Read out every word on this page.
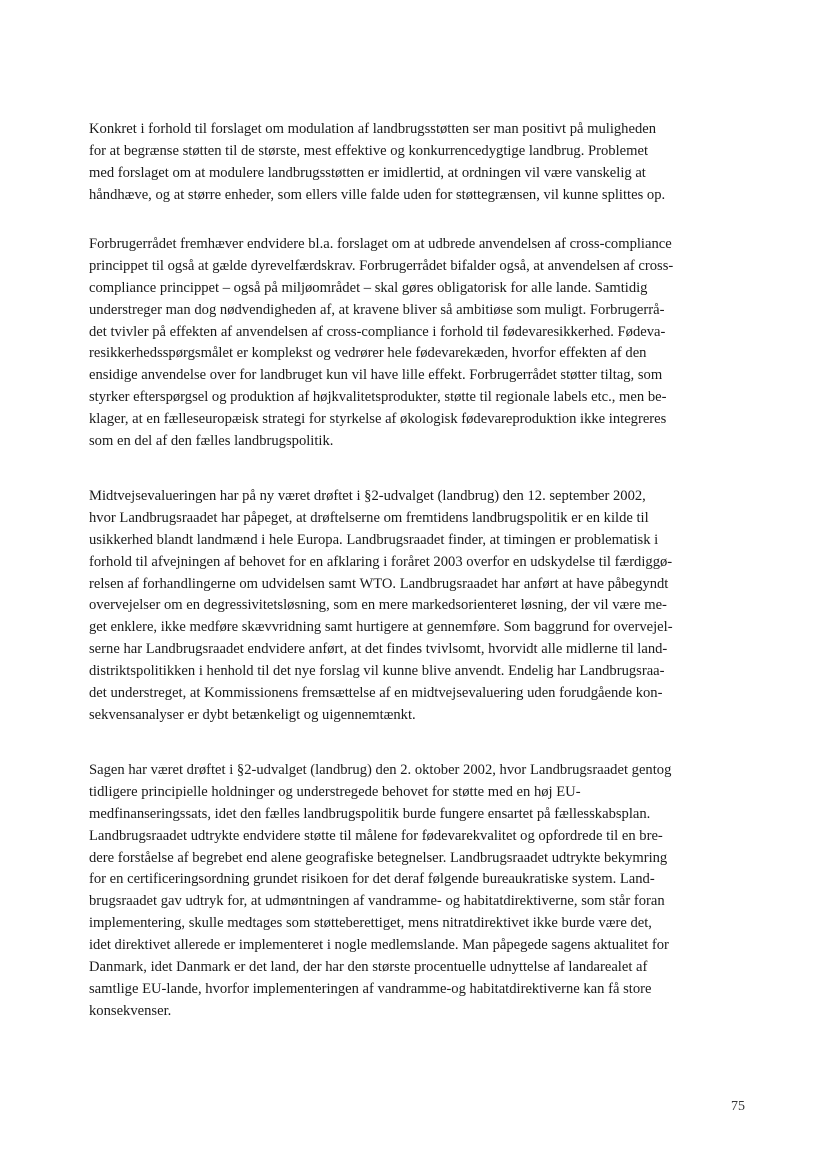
Konkret i forhold til forslaget om modulation af landbrugsstøtten ser man positivt på muligheden
for at begrænse støtten til de største, mest effektive og konkurrencedygtige landbrug. Problemet
med forslaget om at modulere landbrugsstøtten er imidlertid, at ordningen vil være vanskelig at
håndhæve, og at større enheder, som ellers ville falde uden for støttegrænsen, vil kunne splittes op.
Forbrugerrådet fremhæver endvidere bl.a. forslaget om at udbrede anvendelsen af cross-compliance
princippet til også at gælde dyrevelfærdskrav. Forbrugerrådet bifalder også, at anvendelsen af cross-
compliance princippet – også på miljøområdet – skal gøres obligatorisk for alle lande. Samtidig
understreger man dog nødvendigheden af, at kravene bliver så ambitiøse som muligt. Forbrugerrå-
det tvivler på effekten af anvendelsen af cross-compliance i forhold til fødevaresikkerhed. Fødeva-
resikkerhedsspørgsmålet er komplekst og vedrører hele fødevarekæden, hvorfor effekten af den
ensidige anvendelse over for landbruget kun vil have lille effekt. Forbrugerrådet støtter tiltag, som
styrker efterspørgsel og produktion af højkvalitetsprodukter, støtte til regionale labels etc., men be-
klager, at en fælleseuropæisk strategi for styrkelse af økologisk fødevareproduktion ikke integreres
som en del af den fælles landbrugspolitik.
Midtvejsevalueringen har på ny været drøftet i §2-udvalget (landbrug) den 12. september 2002,
hvor Landbrugsraadet har påpeget, at drøftelserne om fremtidens landbrugspolitik er en kilde til
usikkerhed blandt landmænd i hele Europa. Landbrugsraadet finder, at timingen er problematisk i
forhold til afvejningen af behovet for en afklaring i foråret 2003 overfor en udskydelse til færdiggø-
relsen af forhandlingerne om udvidelsen samt WTO. Landbrugsraadet har anført at have påbegyndt
overvejelser om en degressivitetsløsning, som en mere markedsorienteret løsning, der vil være me-
get enklere, ikke medføre skævvridning samt hurtigere at gennemføre. Som baggrund for overvejel-
serne har Landbrugsraadet endvidere anført, at det findes tvivlsomt, hvorvidt alle midlerne til land-
distriktspolitikken i henhold til det nye forslag vil kunne blive anvendt. Endelig har Landbrugsraa-
det understreget, at Kommissionens fremsættelse af en midtvejsevaluering uden forudgående kon-
sekvensanalyser er dybt betænkeligt og uigennemtænkt.
Sagen har været drøftet i §2-udvalget (landbrug) den 2. oktober 2002, hvor Landbrugsraadet gentog
tidligere principielle holdninger og understregede behovet for støtte med en høj EU-
medfinanseringssats, idet den fælles landbrugspolitik burde fungere ensartet på fællesskabsplan.
Landbrugsraadet udtrykte endvidere støtte til målene for fødevarekvalitet og opfordrede til en bre-
dere forståelse af begrebet end alene geografiske betegnelser. Landbrugsraadet udtrykte bekymring
for en certificeringsordning grundet risikoen for det deraf følgende bureaukratiske system. Land-
brugsraadet gav udtryk for, at udmøntningen af vandramme- og habitatdirektiverne, som står foran
implementering, skulle medtages som støtteberettiget, mens nitratdirektivet ikke burde være det,
idet direktivet allerede er implementeret i nogle medlemslande. Man påpegede sagens aktualitet for
Danmark, idet Danmark er det land, der har den største procentuelle udnyttelse af landarealet af
samtlige EU-lande, hvorfor implementeringen af vandramme-og habitatdirektiverne kan få store
konsekvenser.
75
